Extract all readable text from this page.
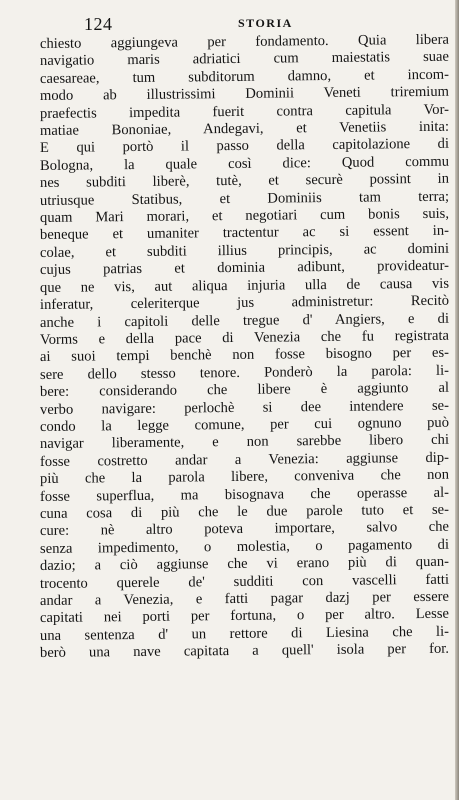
124	STORIA
chiesto aggiungeva per fondamento. Quia libera
navigatio maris adriatici cum maiestatis suae
caesareae, tum subditorum damno, et incom-
modo ab illustrissimi Dominii Veneti triremium
praefectis impedita fuerit contra capitula Vor-
matiae Bononiae, Andegavi, et Venetiis inita:
E qui portò il passo della capitolazione di
Bologna, la quale così dice: Quod commu
nes subditi liberè, tutè, et securè possint in
utriusque Statibus, et Dominiis tam terra;
quam Mari morari, et negotiari cum bonis suis,
beneque et umaniter tractentur ac si essent in-
colae, et subditi illius principis, ac domini
cujus patrias et dominia adibunt, provideatur-
que ne vis, aut aliqua injuria ulla de causa vis
inferatur, celeriterque jus administretur: Recitò
anche i capitoli delle tregue d' Angiers, e di
Vorms e della pace di Venezia che fu registrata
ai suoi tempi benchè non fosse bisogno per es-
sere dello stesso tenore. Ponderò la parola: li-
bere: considerando che libere è aggiunto al
verbo navigare: perlochè si dee intendere se-
condo la legge comune, per cui ognuno può
navigar liberamente, e non sarebbe libero chi
fosse costretto andar a Venezia: aggiunse dip-
più che la parola libere, conveniva che non
fosse superflua, ma bisognava che operasse al-
cuna cosa di più che le due parole tuto et se-
cure: nè altro poteva importare, salvo che
senza impedimento, o molestia, o pagamento di
dazio; a ciò aggiunse che vi erano più di quan-
trocento querele de' sudditi con vascelli fatti
andar a Venezia, e fatti pagar dazj per essere
capitati nei porti per fortuna, o per altro. Lesse
una sentenza d' un rettore di Liesina che li-
berò una nave capitata a quell' isola per for.
